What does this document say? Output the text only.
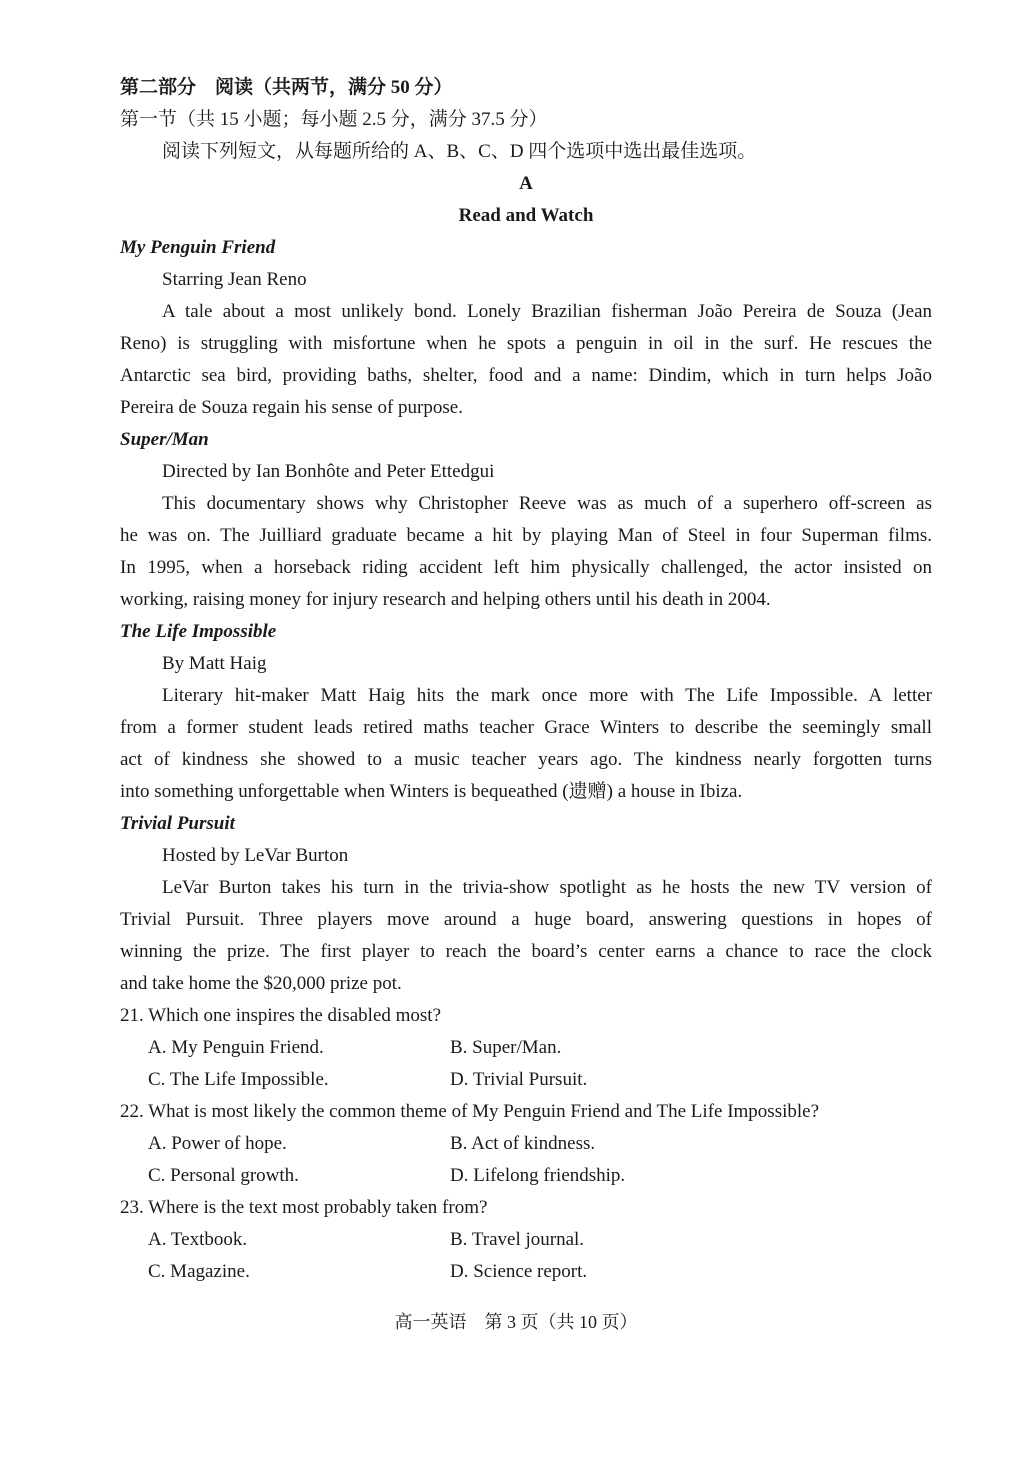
第二部分　阅读（共两节，满分 50 分）
第一节（共 15 小题；每小题 2.5 分，满分 37.5 分）
阅读下列短文，从每题所给的 A、B、C、D 四个选项中选出最佳选项。
A
Read and Watch
My Penguin Friend
Starring Jean Reno
A tale about a most unlikely bond. Lonely Brazilian fisherman João Pereira de Souza (Jean
Reno) is struggling with misfortune when he spots a penguin in oil in the surf. He rescues the
Antarctic sea bird, providing baths, shelter, food and a name: Dindim, which in turn helps João
Pereira de Souza regain his sense of purpose.
Super/Man
Directed by Ian Bonhôte and Peter Ettedgui
This documentary shows why Christopher Reeve was as much of a superhero off-screen as
he was on. The Juilliard graduate became a hit by playing Man of Steel in four Superman films.
In 1995, when a horseback riding accident left him physically challenged, the actor insisted on
working, raising money for injury research and helping others until his death in 2004.
The Life Impossible
By Matt Haig
Literary hit-maker Matt Haig hits the mark once more with The Life Impossible. A letter
from a former student leads retired maths teacher Grace Winters to describe the seemingly small
act of kindness she showed to a music teacher years ago. The kindness nearly forgotten turns
into something unforgettable when Winters is bequeathed (遗赠) a house in Ibiza.
Trivial Pursuit
Hosted by LeVar Burton
LeVar Burton takes his turn in the trivia-show spotlight as he hosts the new TV version of
Trivial Pursuit. Three players move around a huge board, answering questions in hopes of
winning the prize. The first player to reach the board’s center earns a chance to race the clock
and take home the $20,000 prize pot.
21. Which one inspires the disabled most?
A. My Penguin Friend.	B. Super/Man.
C. The Life Impossible.	D. Trivial Pursuit.
22. What is most likely the common theme of My Penguin Friend and The Life Impossible?
A. Power of hope.	B. Act of kindness.
C. Personal growth.	D. Lifelong friendship.
23. Where is the text most probably taken from?
A. Textbook.	B. Travel journal.
C. Magazine.	D. Science report.
高一英语　第 3 页（共 10 页）
